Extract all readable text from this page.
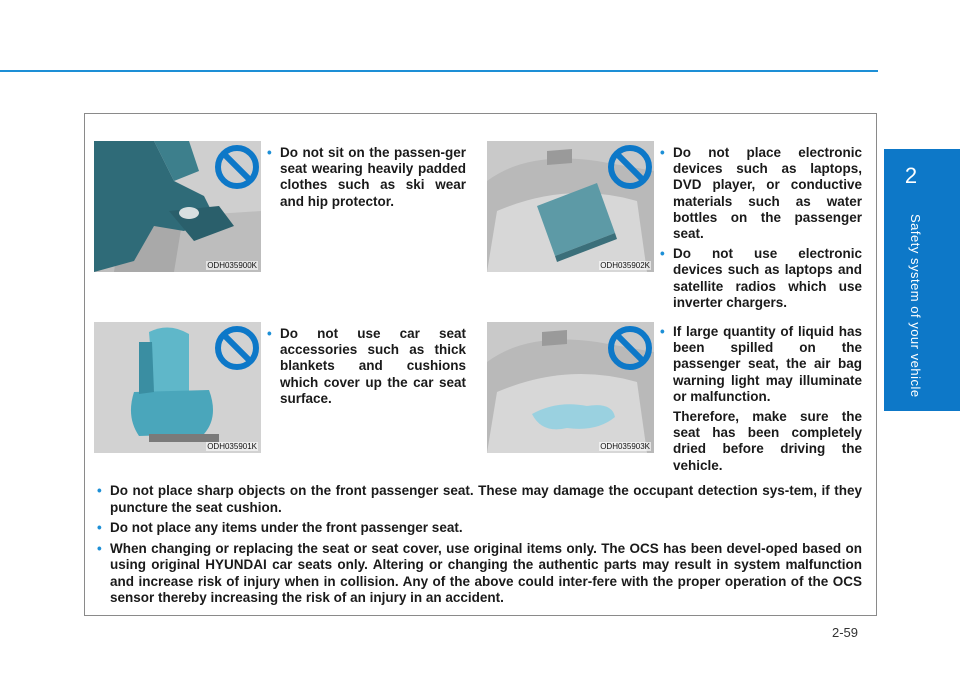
2
Safety system of your vehicle
ODH035900K
ODH035901K
ODH035902K
ODH035903K
• Do not sit on the passen-ger seat wearing heavily padded clothes such as ski wear and hip protector.
• Do not use car seat accessories such as thick blankets and cushions which cover up the car seat surface.
• Do not place electronic devices such as laptops, DVD player, or conductive materials such as water bottles on the passenger seat.
• Do not use electronic devices such as laptops and satellite radios which use inverter chargers.
• If large quantity of liquid has been spilled on the passenger seat, the air bag warning light may illuminate or malfunction.
Therefore, make sure the seat has been completely dried before driving the vehicle.
• Do not place sharp objects on the front passenger seat. These may damage the occupant detection sys-tem, if they puncture the seat cushion.
• Do not place any items under the front passenger seat.
• When changing or replacing the seat or seat cover, use original items only. The OCS has been devel-oped based on using original HYUNDAI car seats only. Altering or changing the authentic parts may result in system malfunction and increase risk of injury when in collision. Any of the above could inter-fere with the proper operation of the OCS sensor thereby increasing the risk of an injury in an accident.
2-59
